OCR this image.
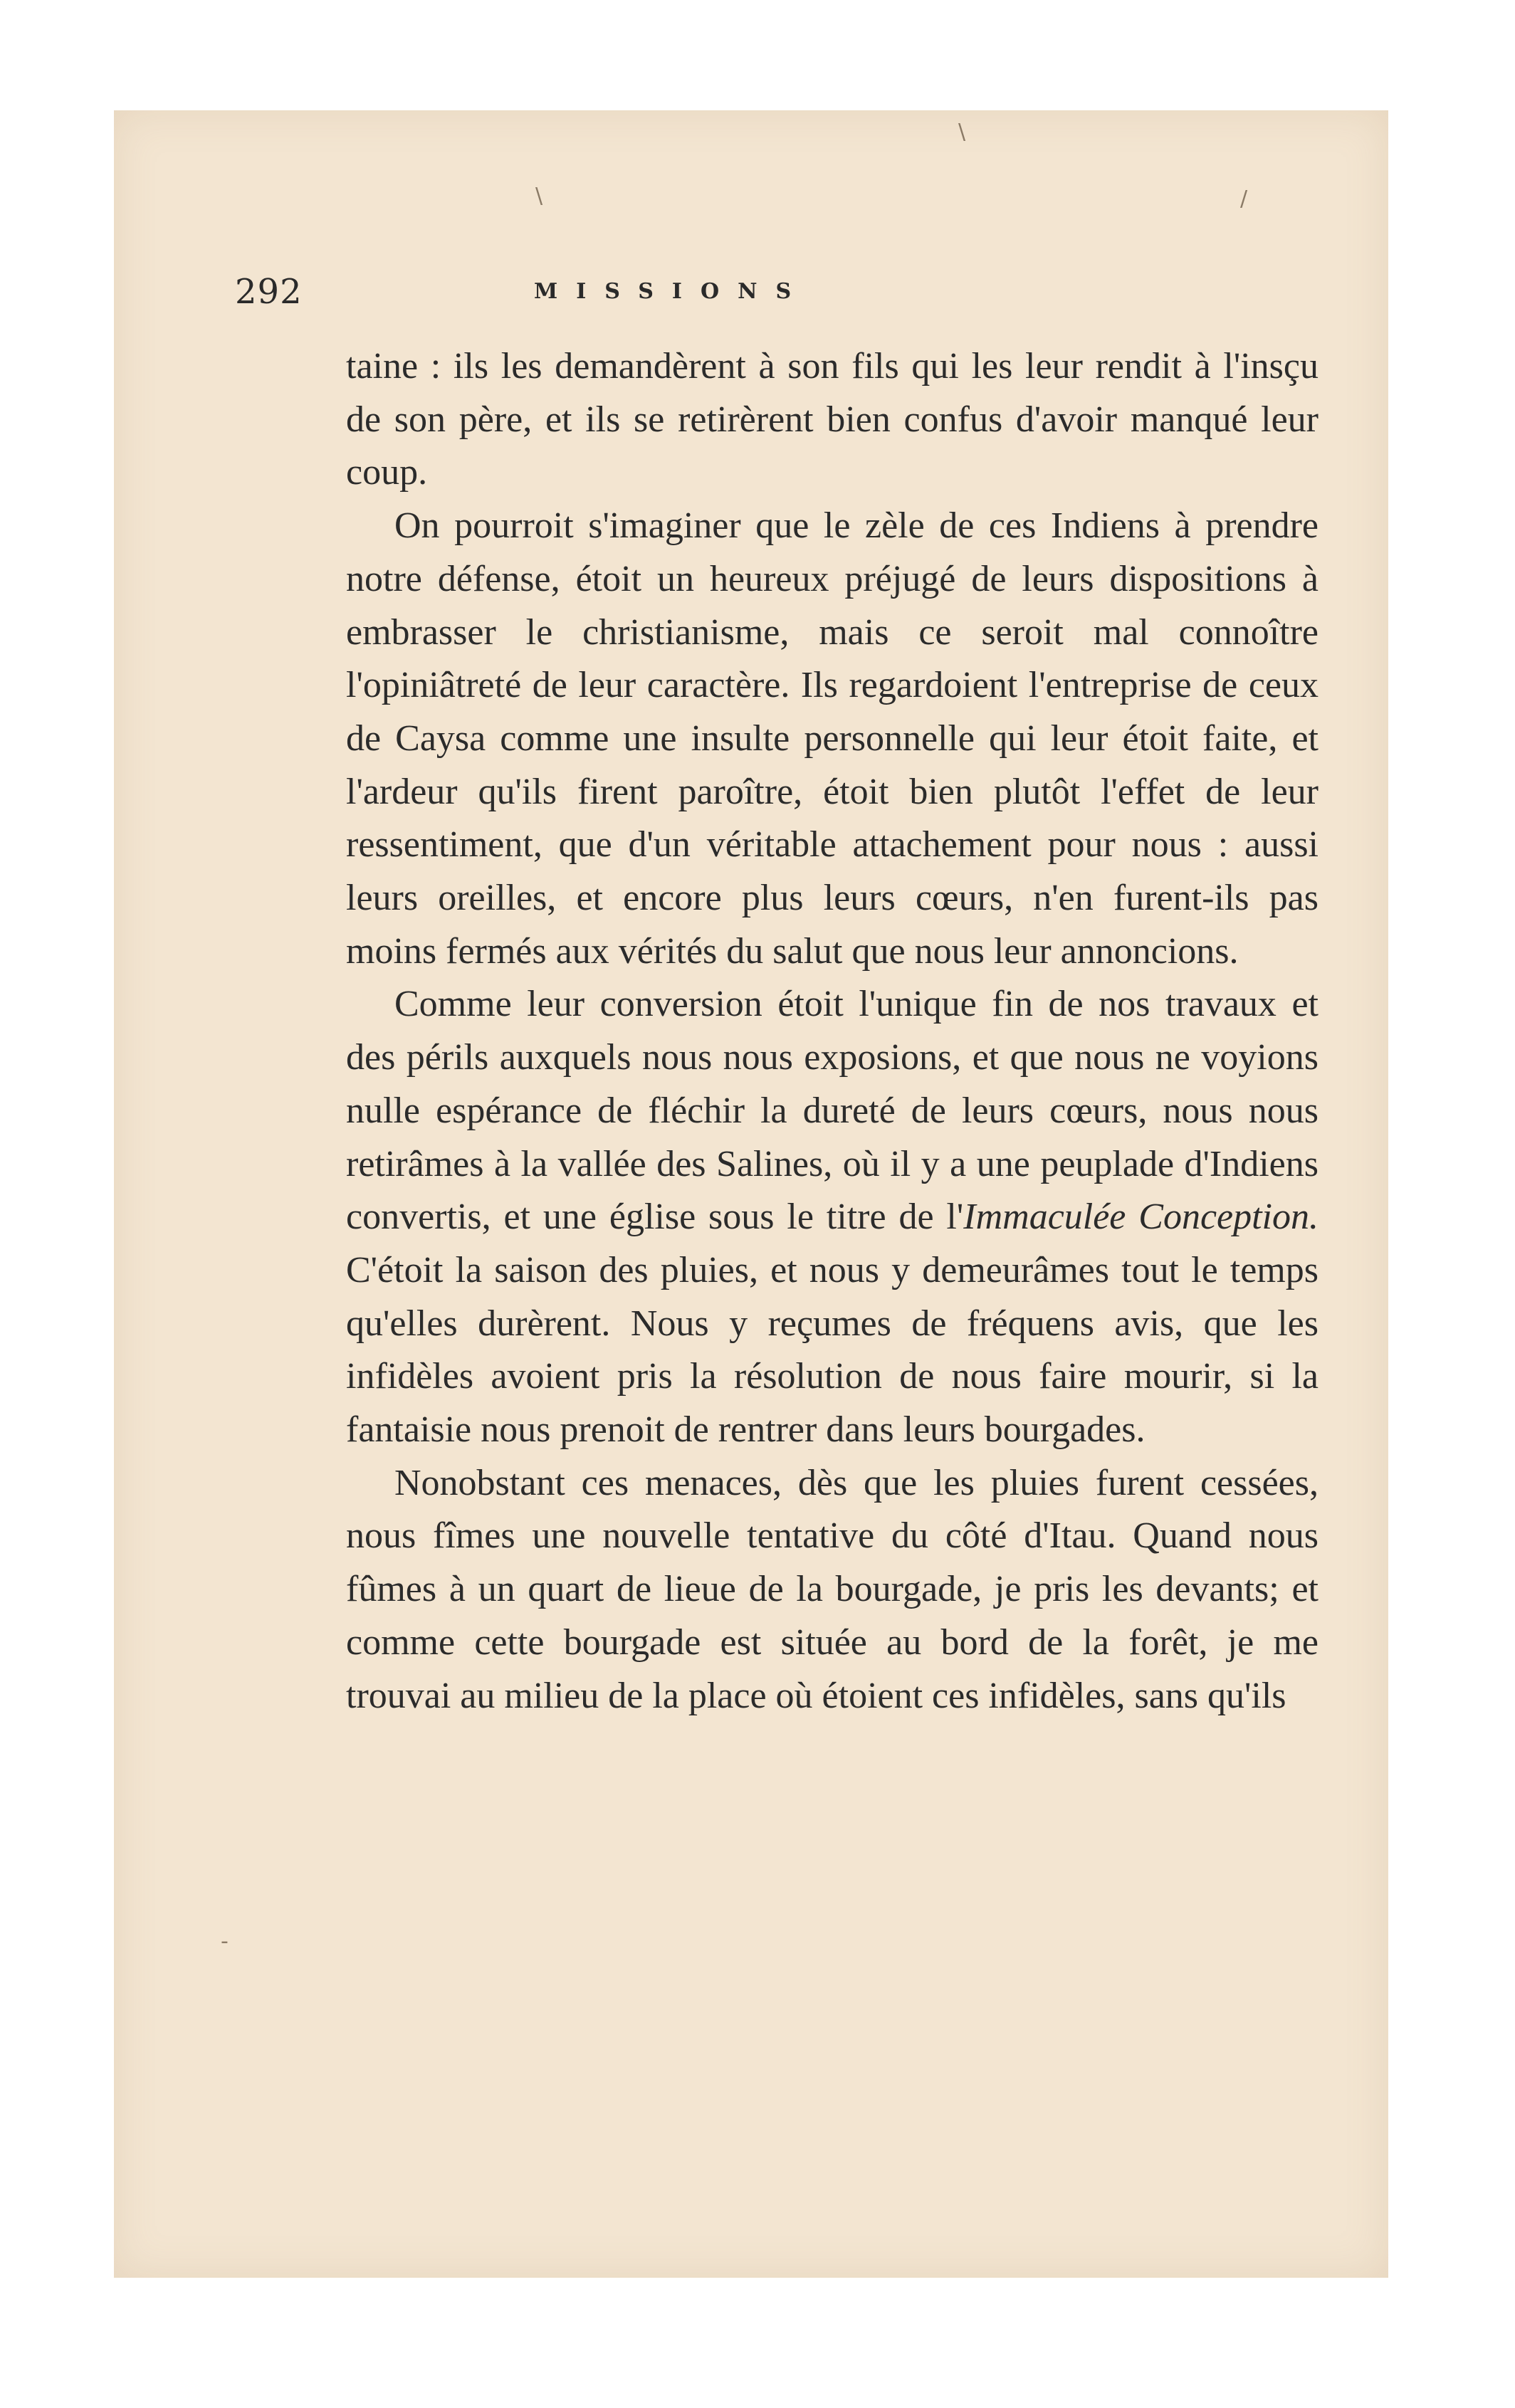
\
\	/
-
292	MISSIONS

taine : ils les demandèrent à son fils qui les leur rendit à l'insçu de son père, et ils se retirèrent bien confus d'avoir manqué leur coup.

On pourroit s'imaginer que le zèle de ces Indiens à prendre notre défense, étoit un heureux préjugé de leurs dispositions à embrasser le christianisme, mais ce seroit mal connoître l'opiniâtreté de leur caractère. Ils regardoient l'entreprise de ceux de Caysa comme une insulte personnelle qui leur étoit faite, et l'ardeur qu'ils firent paroître, étoit bien plutôt l'effet de leur ressentiment, que d'un véritable attachement pour nous : aussi leurs oreilles, et encore plus leurs cœurs, n'en furent-ils pas moins fermés aux vérités du salut que nous leur annoncions.

Comme leur conversion étoit l'unique fin de nos travaux et des périls auxquels nous nous exposions, et que nous ne voyions nulle espérance de fléchir la dureté de leurs cœurs, nous nous retirâmes à la vallée des Salines, où il y a une peuplade d'Indiens convertis, et une église sous le titre de l'Immaculée Conception. C'étoit la saison des pluies, et nous y demeurâmes tout le temps qu'elles durèrent. Nous y reçumes de fréquens avis, que les infidèles avoient pris la résolution de nous faire mourir, si la fantaisie nous prenoit de rentrer dans leurs bourgades.

Nonobstant ces menaces, dès que les pluies furent cessées, nous fîmes une nouvelle tentative du côté d'Itau. Quand nous fûmes à un quart de lieue de la bourgade, je pris les devants; et comme cette bourgade est située au bord de la forêt, je me trouvai au milieu de la place où étoient ces infidèles, sans qu'ils
